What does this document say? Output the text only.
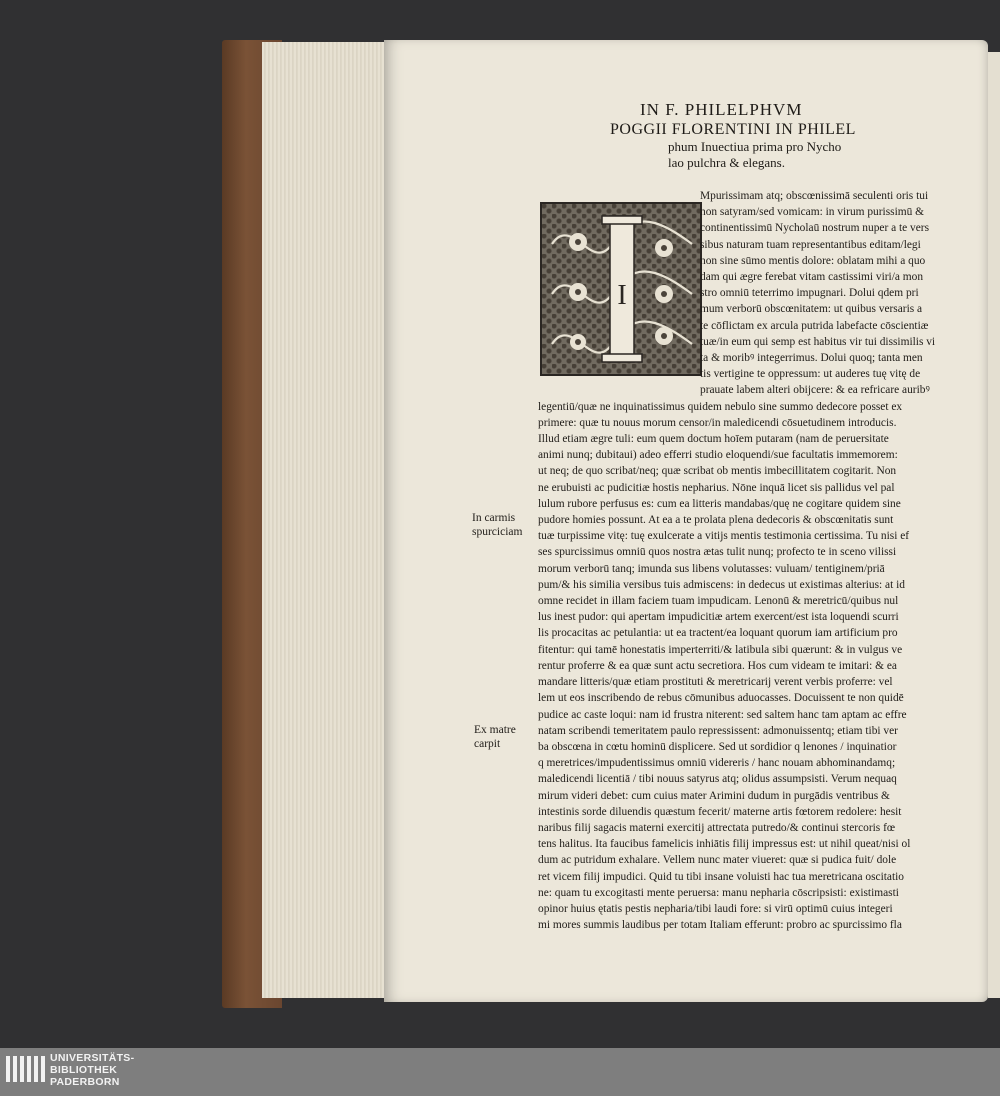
IN F. PHILELPHVM
POGGII FLORENTINI IN PHILEL
phum Inuectiua prima pro Nycho
lao pulchra & elegans.
I
Mpurissimam atq; obscœnissimā seculenti oris tui
non satyram/sed vomicam: in virum purissimū &
continentissimū Nycholaū nostrum nuper a te vers
sibus naturam tuam representantibus editam/legi
non sine sūmo mentis dolore: oblatam mihi a quo
dam qui ægre ferebat vitam castissimi viri/a mon
stro omniū teterrimo impugnari. Dolui qdem pri
mum verborū obscœnitatem: ut quibus versaris a
te cōflictam ex arcula putrida labefacte cōscientiæ
tuæ/in eum qui semp est habitus vir tui dissimilis vi
ta & moribꝰ integerrimus. Dolui quoq; tanta men
tis vertigine te oppressum: ut auderes tuę vitę de
prauate labem alteri obijcere: & ea refricare auribꝰ
legentiū/quæ ne inquinatissimus quidem nebulo sine summo dedecore posset ex
primere: quæ tu nouus morum censor/in maledicendi cōsuetudinem introducis.
Illud etiam ægre tuli: eum quem doctum hoīem putaram (nam de peruersitate
animi nunq; dubitaui) adeo efferri studio eloquendi/sue facultatis immemorem:
ut neq; de quo scribat/neq; quæ scribat ob mentis imbecillitatem cogitarit. Non
ne erubuisti ac pudicitiæ hostis nepharius. Nōne inquā licet sis pallidus vel pal
lulum rubore perfusus es: cum ea litteris mandabas/quę ne cogitare quidem sine
pudore homies possunt. At ea a te prolata plena dedecoris & obscœnitatis sunt
tuæ turpissime vitę: tuę exulcerate a vitijs mentis testimonia certissima. Tu nisi ef
ses spurcissimus omniū quos nostra ætas tulit nunq; profecto te in sceno vilissi
morum verborū tanq; imunda sus libens volutasses: vuluam/ tentiginem/priā
pum/& his similia versibus tuis admiscens: in dedecus ut existimas alterius: at id
omne recidet in illam faciem tuam impudicam. Lenonū & meretricū/quibus nul
lus inest pudor: qui apertam impudicitiæ artem exercent/est ista loquendi scurri
lis procacitas ac petulantia: ut ea tractent/ea loquant quorum iam artificium pro
fitentur: qui tamē honestatis imperterriti/& latibula sibi quærunt: & in vulgus ve
rentur proferre & ea quæ sunt actu secretiora. Hos cum videam te imitari: & ea
mandare litteris/quæ etiam prostituti & meretricarij verent verbis proferre: vel
lem ut eos inscribendo de rebus cōmunibus aduocasses. Docuissent te non quidē
pudice ac caste loqui: nam id frustra niterent: sed saltem hanc tam aptam ac effre
natam scribendi temeritatem paulo repressissent: admonuissentq; etiam tibi ver
ba obscœna in cœtu hominū displicere. Sed ut sordidior q lenones / inquinatior
q meretrices/impudentissimus omniū videreris / hanc nouam abhominandamq;
maledicendi licentiā / tibi nouus satyrus atq; olidus assumpsisti. Verum nequaq
mirum videri debet: cum cuius mater Arimini dudum in purgādis ventribus &
intestinis sorde diluendis quæstum fecerit/ materne artis fœtorem redolere: hesit
naribus filij sagacis materni exercitij attrectata putredo/& continui stercoris fœ
tens halitus. Ita faucibus famelicis inhiātis filij impressus est: ut nihil queat/nisi ol
dum ac putridum exhalare. Vellem nunc mater viueret: quæ si pudica fuit/ dole
ret vicem filij impudici. Quid tu tibi insane voluisti hac tua meretricana oscitatio
ne: quam tu excogitasti mente peruersa: manu nepharia cōscripsisti: existimasti
opinor huius ętatis pestis nepharia/tibi laudi fore: si virū optimū cuius integeri
mi mores summis laudibus per totam Italiam efferunt: probro ac spurcissimo fla
In carmis
spurciciam
Ex matre
carpit
UNIVERSITÄTS-
BIBLIOTHEK
PADERBORN
